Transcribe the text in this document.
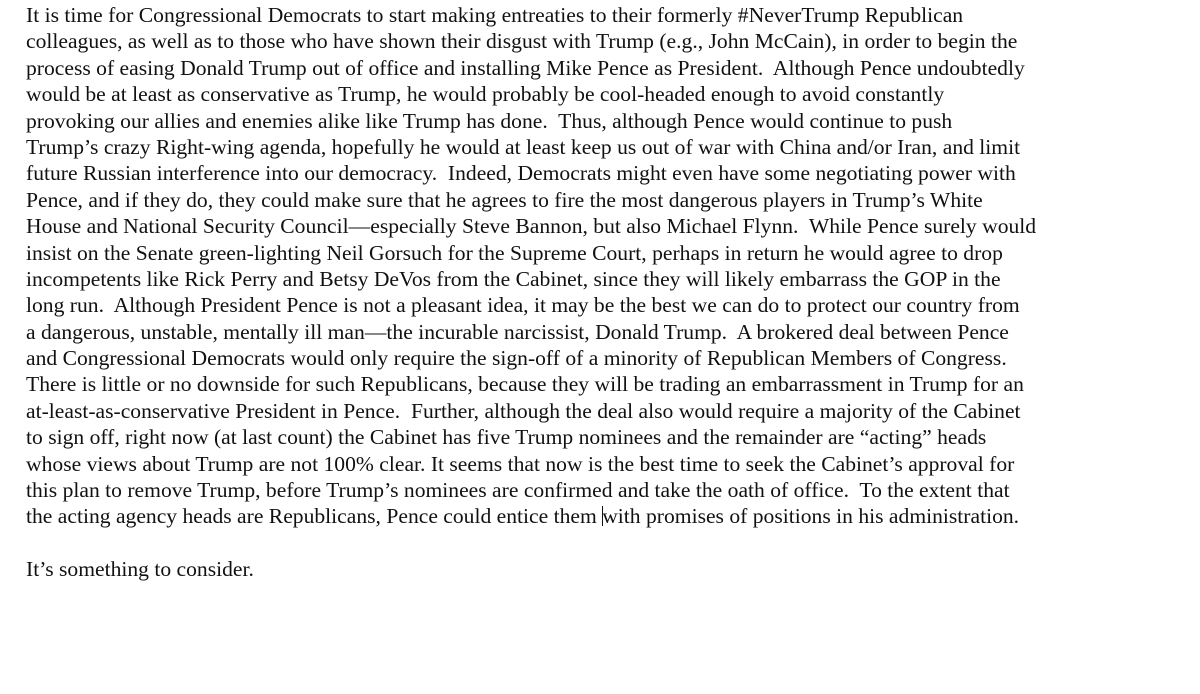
It is time for Congressional Democrats to start making entreaties to their formerly #NeverTrump Republican
colleagues, as well as to those who have shown their disgust with Trump (e.g., John McCain), in order to begin the
process of easing Donald Trump out of office and installing Mike Pence as President.  Although Pence undoubtedly
would be at least as conservative as Trump, he would probably be cool-headed enough to avoid constantly
provoking our allies and enemies alike like Trump has done.  Thus, although Pence would continue to push
Trump’s crazy Right-wing agenda, hopefully he would at least keep us out of war with China and/or Iran, and limit
future Russian interference into our democracy.  Indeed, Democrats might even have some negotiating power with
Pence, and if they do, they could make sure that he agrees to fire the most dangerous players in Trump’s White
House and National Security Council—especially Steve Bannon, but also Michael Flynn.  While Pence surely would
insist on the Senate green-lighting Neil Gorsuch for the Supreme Court, perhaps in return he would agree to drop
incompetents like Rick Perry and Betsy DeVos from the Cabinet, since they will likely embarrass the GOP in the
long run.  Although President Pence is not a pleasant idea, it may be the best we can do to protect our country from
a dangerous, unstable, mentally ill man—the incurable narcissist, Donald Trump.  A brokered deal between Pence
and Congressional Democrats would only require the sign-off of a minority of Republican Members of Congress.
There is little or no downside for such Republicans, because they will be trading an embarrassment in Trump for an
at-least-as-conservative President in Pence.  Further, although the deal also would require a majority of the Cabinet
to sign off, right now (at last count) the Cabinet has five Trump nominees and the remainder are “acting” heads
whose views about Trump are not 100% clear. It seems that now is the best time to seek the Cabinet’s approval for
this plan to remove Trump, before Trump’s nominees are confirmed and take the oath of office.  To the extent that
the acting agency heads are Republicans, Pence could entice them with promises of positions in his administration.
It’s something to consider.
